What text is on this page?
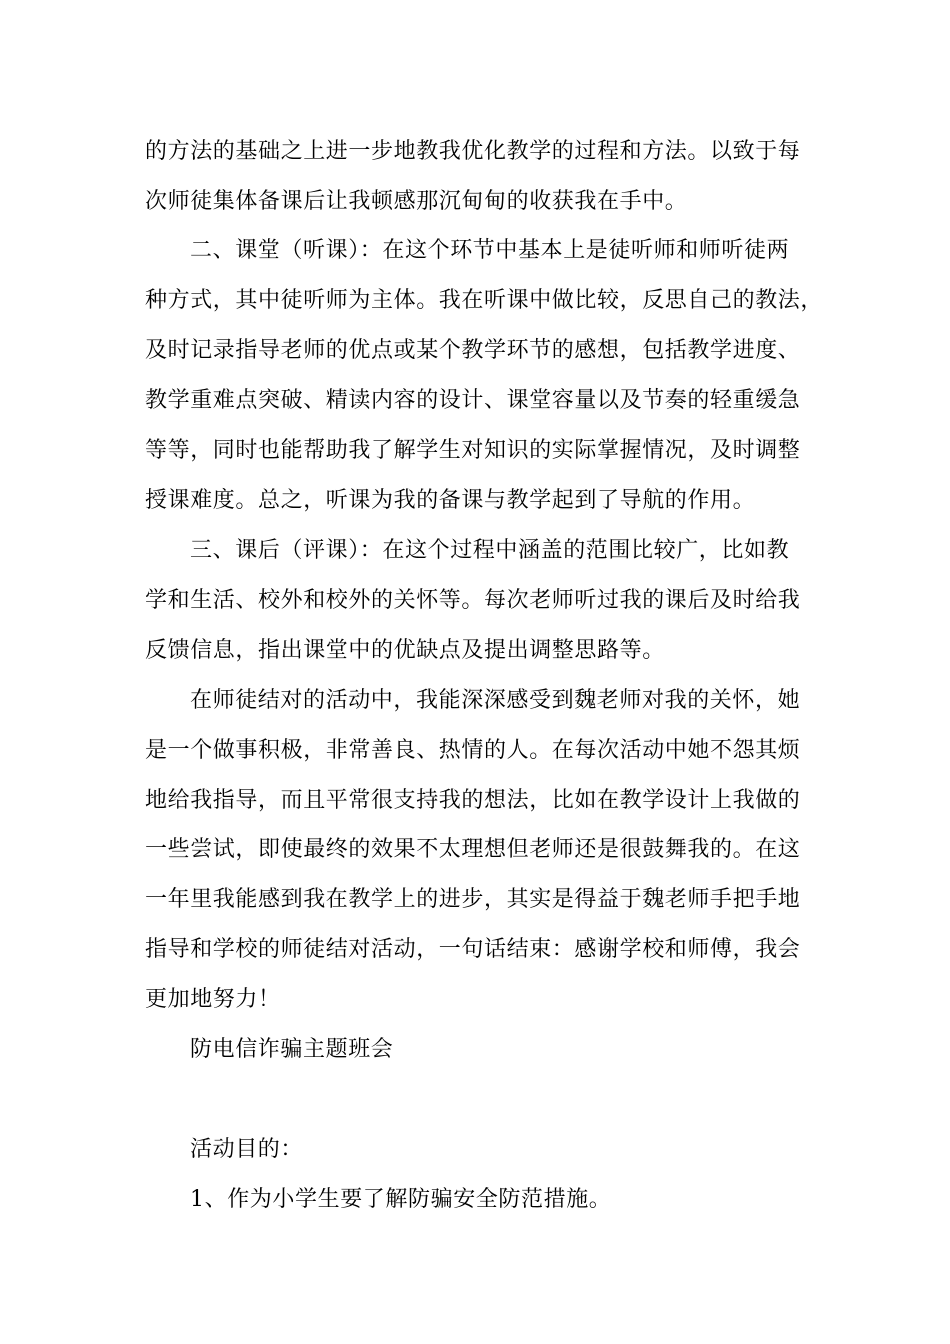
的方法的基础之上进一步地教我优化教学的过程和方法。以致于每
次师徒集体备课后让我顿感那沉甸甸的收获我在手中。
二、课堂（听课）：在这个环节中基本上是徒听师和师听徒两
种方式，其中徒听师为主体。我在听课中做比较，反思自己的教法，
及时记录指导老师的优点或某个教学环节的感想，包括教学进度、
教学重难点突破、精读内容的设计、课堂容量以及节奏的轻重缓急
等等，同时也能帮助我了解学生对知识的实际掌握情况，及时调整
授课难度。总之，听课为我的备课与教学起到了导航的作用。
三、课后（评课）：在这个过程中涵盖的范围比较广，比如教
学和生活、校外和校外的关怀等。每次老师听过我的课后及时给我
反馈信息，指出课堂中的优缺点及提出调整思路等。
在师徒结对的活动中，我能深深感受到魏老师对我的关怀，她
是一个做事积极，非常善良、热情的人。在每次活动中她不怨其烦
地给我指导，而且平常很支持我的想法，比如在教学设计上我做的
一些尝试，即使最终的效果不太理想但老师还是很鼓舞我的。在这
一年里我能感到我在教学上的进步，其实是得益于魏老师手把手地
指导和学校的师徒结对活动，一句话结束：感谢学校和师傅，我会
更加地努力！
防电信诈骗主题班会
活动目的：
1、作为小学生要了解防骗安全防范措施。
